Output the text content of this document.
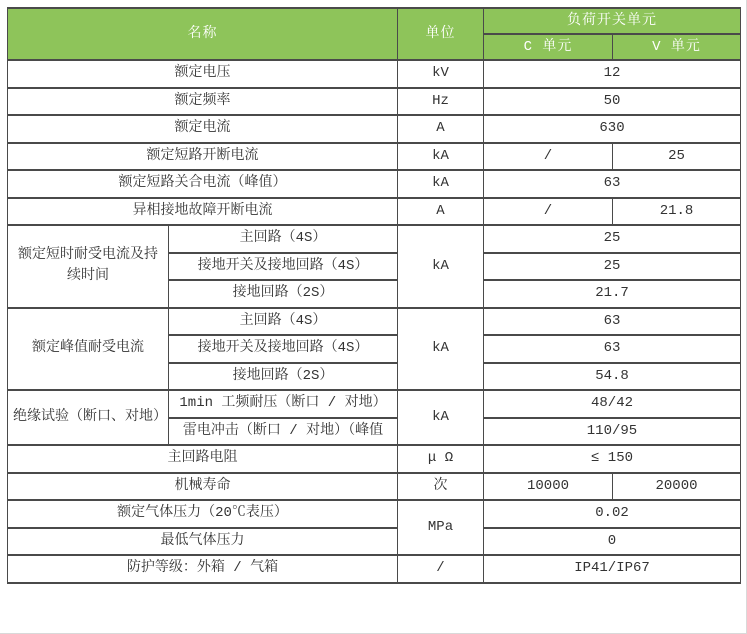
名称		单位	负荷开关单元	
			C 单元	V 单元
额定电压		kV	12	
额定频率		Hz	50	
额定电流		A	630	
额定短路开断电流		kA	/	25
额定短路关合电流（峰值）		kA	63	
异相接地故障开断电流		A	/	21.8
额定短时耐受电流及持续时间	主回路（4S）	kA	25	
	接地开关及接地回路（4S）		25	
	接地回路（2S）		21.7	
额定峰值耐受电流	主回路（4S）	kA	63	
	接地开关及接地回路（4S）		63	
	接地回路（2S）		54.8	
绝缘试验（断口、对地）	1min 工频耐压（断口 / 对地）	kA	48/42	
	雷电冲击（断口 / 对地）（峰值		110/95	
主回路电阻		μ Ω	≤ 150	
机械寿命		次	10000	20000
额定气体压力（20℃表压）		MPa	0.02	
最低气体压力			0	
防护等级：外箱 / 气箱		/	IP41/IP67	
